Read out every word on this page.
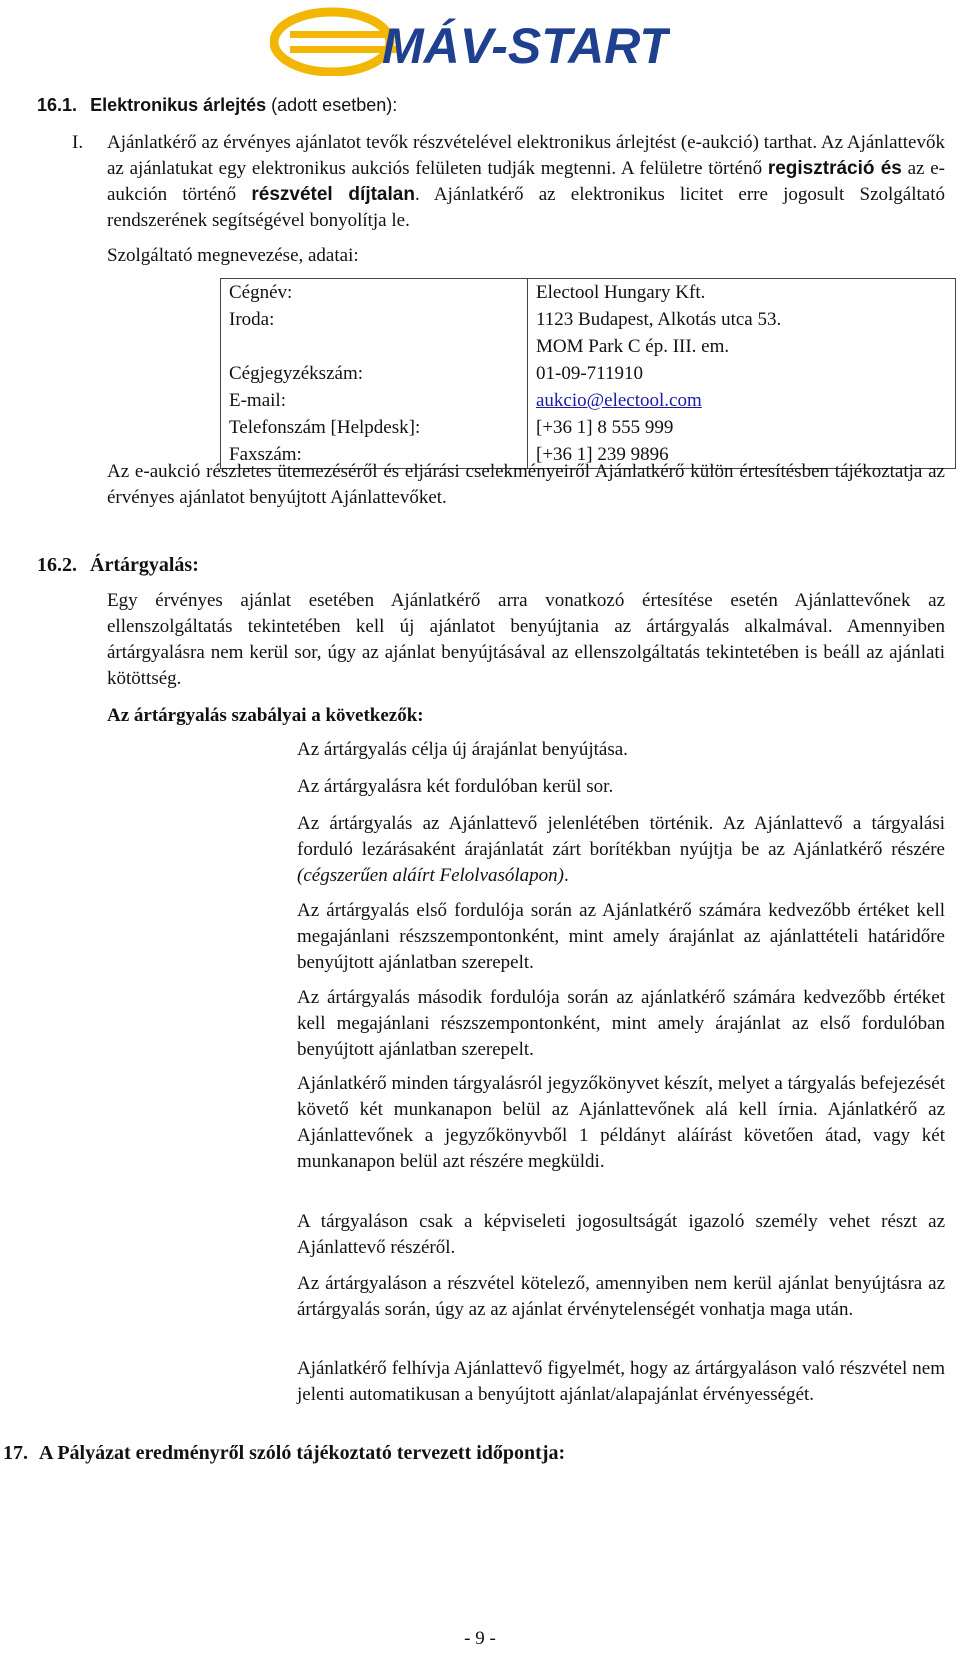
MÁV-START
16.1. Elektronikus árlejtés (adott esetben):
I. Ajánlatkérő az érvényes ajánlatot tevők részvételével elektronikus árlejtést (e-aukció) tarthat. Az Ajánlattevők az ajánlatukat egy elektronikus aukciós felületen tudják megtenni. A felületre történő regisztráció és az e-aukción történő részvétel díjtalan. Ajánlatkérő az elektronikus licitet erre jogosult Szolgáltató rendszerének segítségével bonyolítja le.
Szolgáltató megnevezése, adatai:
Cégnév:	Electool Hungary Kft.
Iroda:	1123 Budapest, Alkotás utca 53.
	MOM Park C ép. III. em.
Cégjegyzékszám:	01-09-711910
E-mail:	aukcio@electool.com
Telefonszám [Helpdesk]:	[+36 1] 8 555 999
Faxszám:	[+36 1] 239 9896
Az e-aukció részletes ütemezéséről és eljárási cselekményeiről Ajánlatkérő külön értesítésben tájékoztatja az érvényes ajánlatot benyújtott Ajánlattevőket.
16.2. Ártárgyalás:
Egy érvényes ajánlat esetében Ajánlatkérő arra vonatkozó értesítése esetén Ajánlattevőnek az ellenszolgáltatás tekintetében kell új ajánlatot benyújtania az ártárgyalás alkalmával. Amennyiben ártárgyalásra nem kerül sor, úgy az ajánlat benyújtásával az ellenszolgáltatás tekintetében is beáll az ajánlati kötöttség.
Az ártárgyalás szabályai a következők:
Az ártárgyalás célja új árajánlat benyújtása.
Az ártárgyalásra két fordulóban kerül sor.
Az ártárgyalás az Ajánlattevő jelenlétében történik. Az Ajánlattevő a tárgyalási forduló lezárásaként árajánlatát zárt borítékban nyújtja be az Ajánlatkérő részére (cégszerűen aláírt Felolvasólapon).
Az ártárgyalás első fordulója során az Ajánlatkérő számára kedvezőbb értéket kell megajánlani részszempontonként, mint amely árajánlat az ajánlattételi határidőre benyújtott ajánlatban szerepelt.
Az ártárgyalás második fordulója során az ajánlatkérő számára kedvezőbb értéket kell megajánlani részszempontonként, mint amely árajánlat az első fordulóban benyújtott ajánlatban szerepelt.
Ajánlatkérő minden tárgyalásról jegyzőkönyvet készít, melyet a tárgyalás befejezését követő két munkanapon belül az Ajánlattevőnek alá kell írnia. Ajánlatkérő az Ajánlattevőnek a jegyzőkönyvből 1 példányt aláírást követően átad, vagy két munkanapon belül azt részére megküldi.
A tárgyaláson csak a képviseleti jogosultságát igazoló személy vehet részt az Ajánlattevő részéről.
Az ártárgyaláson a részvétel kötelező, amennyiben nem kerül ajánlat benyújtásra az ártárgyalás során, úgy az az ajánlat érvénytelenségét vonhatja maga után.
Ajánlatkérő felhívja Ajánlattevő figyelmét, hogy az ártárgyaláson való részvétel nem jelenti automatikusan a benyújtott ajánlat/alapajánlat érvényességét.
17. A Pályázat eredményről szóló tájékoztató tervezett időpontja:
- 9 -
